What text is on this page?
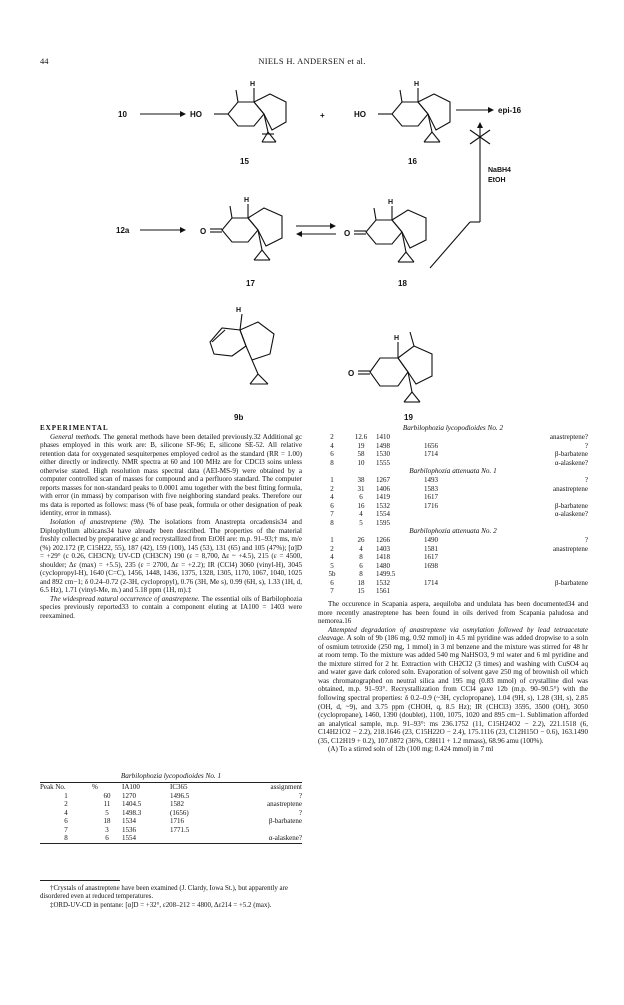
44	NIELS H. ANDERSEN et al.
10	HO
H
15
+	HO
H
16
epi-16
NaBH4
EtOH
12a	O
H
17
O
H
18
H
9b
O
H
19

EXPERIMENTAL

General methods. The general methods have been detailed previously.32 Additional gc phases employed in this work are: B, silicone SF-96; E, silicone SE-52. All relative retention data for oxygenated sesquiterpenes employed cedrol as the standard (RR = 1.00) either directly or indirectly. NMR spectra at 60 and 100 MHz are for CDCl3 soins unless otherwise stated. High resolution mass spectral data (AEI-MS-9) were obtained by a computer controlled scan of masses for compound and a perfluoro standard. The computer reports masses for non-standard peaks to 0.0001 amu together with the best fitting formula, with error (in mmass) by comparison with five neighboring standard peaks. Therefore our ms data is reported as follows: mass (% of base peak, formula or other designation of peak identity, error in mmass).

Isolation of anastreptene (9b). The isolations from Anastrepta orcadensis34 and Diplophyllum albicans34 have already been described. The properties of the material freshly collected by preparative gc and recrystallized from EtOH are: m.p. 91–93;† ms, m/e (%) 202.172 (P, C15H22, 55), 187 (42), 159 (100), 145 (53), 131 (65) and 105 (47%); [α]D = +29° (c 0.26, CH3CN); UV-CD (CH3CN) 190 (ε = 8,700, Δε ~ +4.5), 215 (ε = 4500, shoulder; Δε (max) = +5.5), 235 (ε = 2700, Δε = +2.2); IR (CCl4) 3060 (vinyl-H), 3045 (cyclopropyl-H), 1640 (C=C), 1456, 1448, 1436, 1375, 1328, 1305, 1170, 1067, 1040, 1025 and 892 cm−1; δ 0.24–0.72 (2-3H, cyclopropyl), 0.76 (3H, Me s), 0.99 (6H, s), 1.33 (1H, d, 6.5 Hz), 1.71 (vinyl-Me, m.) and 5.18 ppm (1H, m).‡

The widespread natural occurrence of anastreptene. The essential oils of Barbilophozia species previously reported33 to contain a component eluting at IA100 = 1403 were reexamined.

Barbilophozia lycopodioides No. 1
Peak No.	%	IA100	IC365	assignment
1	60	1270	1496.5	?
2	11	1404.5	1582	anastreptene
4	5	1498.3	(1656)	?
6	18	1534	1716	β-barbatene
7	3	1536	1771.5	
8	6	1554		α-alaskene?
†Crystals of anastreptene have been examined (J. Clardy, Iowa St.), but apparently are disordered even at reduced temperatures.
‡ORD-UV-CD in pentane: [α]D = +32°, ε208–212 = 4800, Δε214 = +5.2 (max).
Barbilophozia lycopodioides No. 2
2	12.6	1410		anastreptene?
4	19	1498	1656	?
6	58	1530	1714	β-barbatene
8	10	1555		α-alaskene?
Barbilophozia attenuata No. 1
1	38	1267	1493	?
2	31	1406	1583	anastreptene
4	6	1419	1617	
6	16	1532	1716	β-barbatene
7	4	1554		α-alaskene?
8	5	1595		
Barbilophozia attenuata No. 2
1	26	1266	1490	?
2	4	1403	1581	anastreptene
4	8	1418	1617	
5	6	1480	1698	
5b	8	1499.5		
6	18	1532	1714	β-barbatene
7	15	1561		

The occurence in Scapania aspera, aequiloba and undulata has been documented34 and more recently anastreptene has been found in oils derived from Scapania paludosa and nemorea.16

Attempted degradation of anastreptene via osmylation followed by lead tetraacetate cleavage. A soln of 9b (186 mg, 0.92 mmol) in 4.5 ml pyridine was added dropwise to a soln of osmium tetroxide (250 mg, 1 mmol) in 3 ml benzene and the mixture was stirred for 48 hr at room temp. To the mixture was added 540 mg NaHSO3, 9 ml water and 6 ml pyridine and the mixture stirred for 2 hr. Extraction with CH2Cl2 (3 times) and washing with CuSO4 aq and water gave dark colored soln. Evaporation of solvent gave 250 mg of brownish oil which was chromatographed on neutral silica and 195 mg (0.83 mmol) of crystalline diol was obtained, m.p. 91–93°. Recrystallization from CCl4 gave 12b (m.p. 90–90.5°) with the following spectral properties: δ 0.2–0.9 (~3H, cyclopropane), 1.04 (9H, s), 1.28 (3H, s), 2.85 (OH, d, ~9), and 3.75 ppm (CHOH, q, 8.5 Hz); IR (CHCl3) 3595, 3500 (OH), 3050 (cyclopropane), 1460, 1390 (doublet), 1100, 1075, 1020 and 895 cm−1. Sublimation afforded an analytical sample, m.p. 91–93°: ms 236.1752 (11, C15H24O2 − 2.2), 221.1518 (6, C14H21O2 − 2.2), 218.1646 (23, C15H22O − 2.4), 175.1116 (23, C12H15O − 0.6), 163.1490 (35, C12H19 + 0.2), 107.0872 (36%, C8H11 + 1.2 mmass), 68.96 amu (100%).

(A) To a stirred soln of 12b (100 mg; 0.424 mmol) in 7 ml
